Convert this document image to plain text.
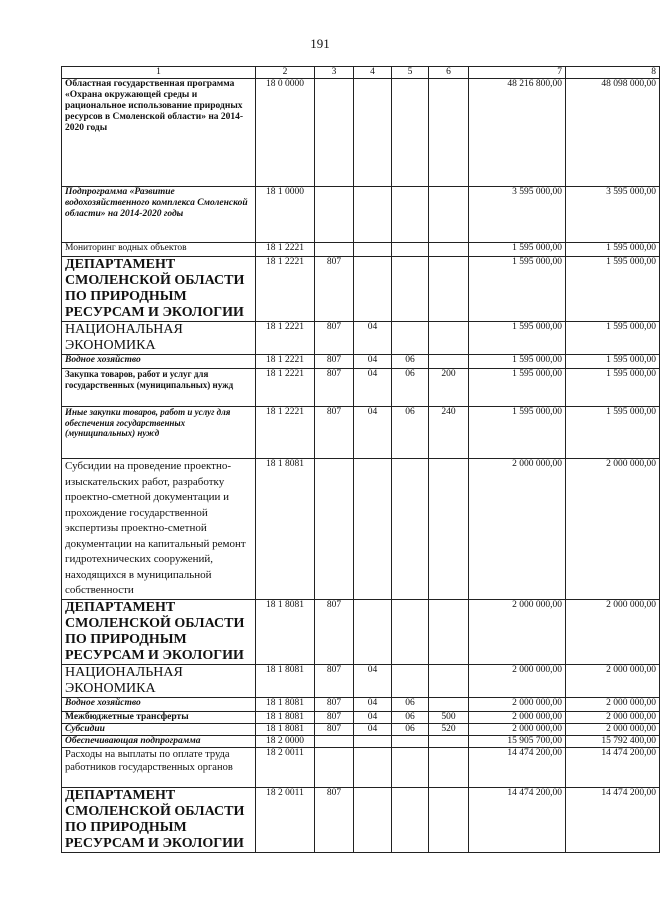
191
1	2	3	4	5	6	7	8
Областная государственная программа «Охрана окружающей среды и рациональное использование природных ресурсов в Смоленской области» на 2014-2020 годы	18 0 0000					48 216 800,00	48 098 000,00
Подпрограмма «Развитие водохозяйственного комплекса Смоленской области» на 2014-2020 годы	18 1 0000					3 595 000,00	3 595 000,00
Мониторинг водных объектов	18 1 2221					1 595 000,00	1 595 000,00
ДЕПАРТАМЕНТ СМОЛЕНСКОЙ ОБЛАСТИ ПО ПРИРОДНЫМ РЕСУРСАМ И ЭКОЛОГИИ	18 1 2221	807				1 595 000,00	1 595 000,00
НАЦИОНАЛЬНАЯ ЭКОНОМИКА	18 1 2221	807	04			1 595 000,00	1 595 000,00
Водное хозяйство	18 1 2221	807	04	06		1 595 000,00	1 595 000,00
Закупка товаров, работ и услуг для государственных (муниципальных) нужд	18 1 2221	807	04	06	200	1 595 000,00	1 595 000,00
Иные закупки товаров, работ и услуг для обеспечения государственных (муниципальных) нужд	18 1 2221	807	04	06	240	1 595 000,00	1 595 000,00
Субсидии на проведение проектно-изыскательских работ, разработку проектно-сметной документации и прохождение государственной экспертизы проектно-сметной документации на капитальный ремонт гидротехнических сооружений, находящихся в муниципальной собственности	18 1 8081					2 000 000,00	2 000 000,00
ДЕПАРТАМЕНТ СМОЛЕНСКОЙ ОБЛАСТИ ПО ПРИРОДНЫМ РЕСУРСАМ И ЭКОЛОГИИ	18 1 8081	807				2 000 000,00	2 000 000,00
НАЦИОНАЛЬНАЯ ЭКОНОМИКА	18 1 8081	807	04			2 000 000,00	2 000 000,00
Водное хозяйство	18 1 8081	807	04	06		2 000 000,00	2 000 000,00
Межбюджетные трансферты	18 1 8081	807	04	06	500	2 000 000,00	2 000 000,00
Субсидии	18 1 8081	807	04	06	520	2 000 000,00	2 000 000,00
Обеспечивающая подпрограмма	18 2 0000					15 905 700,00	15 792 400,00
Расходы на выплаты по оплате труда работников государственных органов	18 2 0011					14 474 200,00	14 474 200,00
ДЕПАРТАМЕНТ СМОЛЕНСКОЙ ОБЛАСТИ ПО ПРИРОДНЫМ РЕСУРСАМ И ЭКОЛОГИИ	18 2 0011	807				14 474 200,00	14 474 200,00
